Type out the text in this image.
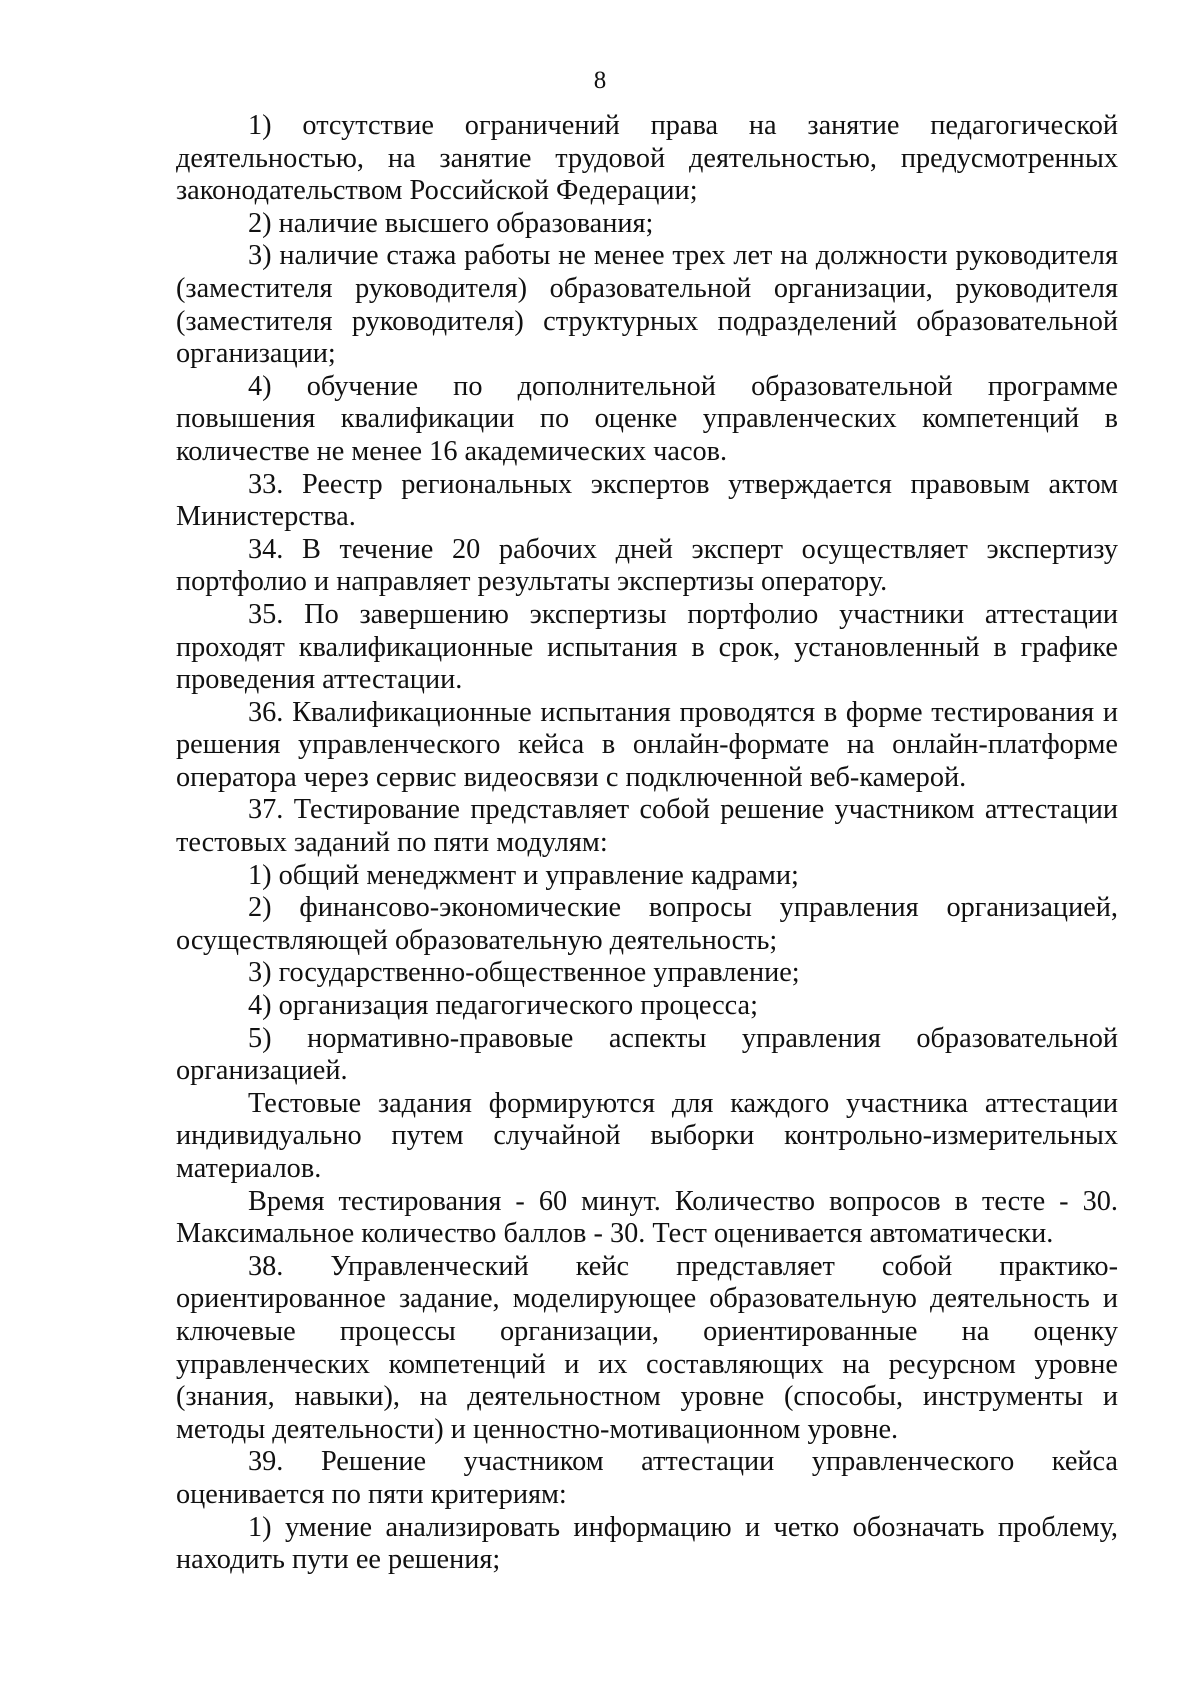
8

1) отсутствие ограничений права на занятие педагогической деятельностью, на занятие трудовой деятельностью, предусмотренных законодательством Российской Федерации;

2) наличие высшего образования;

3) наличие стажа работы не менее трех лет на должности руководителя (заместителя руководителя) образовательной организации, руководителя (заместителя руководителя) структурных подразделений образовательной организации;

4) обучение по дополнительной образовательной программе повышения квалификации по оценке управленческих компетенций в количестве не менее 16 академических часов.

33. Реестр региональных экспертов утверждается правовым актом Министерства.

34. В течение 20 рабочих дней эксперт осуществляет экспертизу портфолио и направляет результаты экспертизы оператору.

35. По завершению экспертизы портфолио участники аттестации проходят квалификационные испытания в срок, установленный в графике проведения аттестации.

36. Квалификационные испытания проводятся в форме тестирования и решения управленческого кейса в онлайн-формате на онлайн-платформе оператора через сервис видеосвязи с подключенной веб-камерой.

37. Тестирование представляет собой решение участником аттестации тестовых заданий по пяти модулям:

1) общий менеджмент и управление кадрами;

2) финансово-экономические вопросы управления организацией, осуществляющей образовательную деятельность;

3) государственно-общественное управление;

4) организация педагогического процесса;

5) нормативно-правовые аспекты управления образовательной организацией.

Тестовые задания формируются для каждого участника аттестации индивидуально путем случайной выборки контрольно-измерительных материалов.

Время тестирования - 60 минут. Количество вопросов в тесте - 30. Максимальное количество баллов - 30. Тест оценивается автоматически.

38. Управленческий кейс представляет собой практико-ориентированное задание, моделирующее образовательную деятельность и ключевые процессы организации, ориентированные на оценку управленческих компетенций и их составляющих на ресурсном уровне (знания, навыки), на деятельностном уровне (способы, инструменты и методы деятельности) и ценностно-мотивационном уровне.

39. Решение участником аттестации управленческого кейса оценивается по пяти критериям:

1) умение анализировать информацию и четко обозначать проблему, находить пути ее решения;
